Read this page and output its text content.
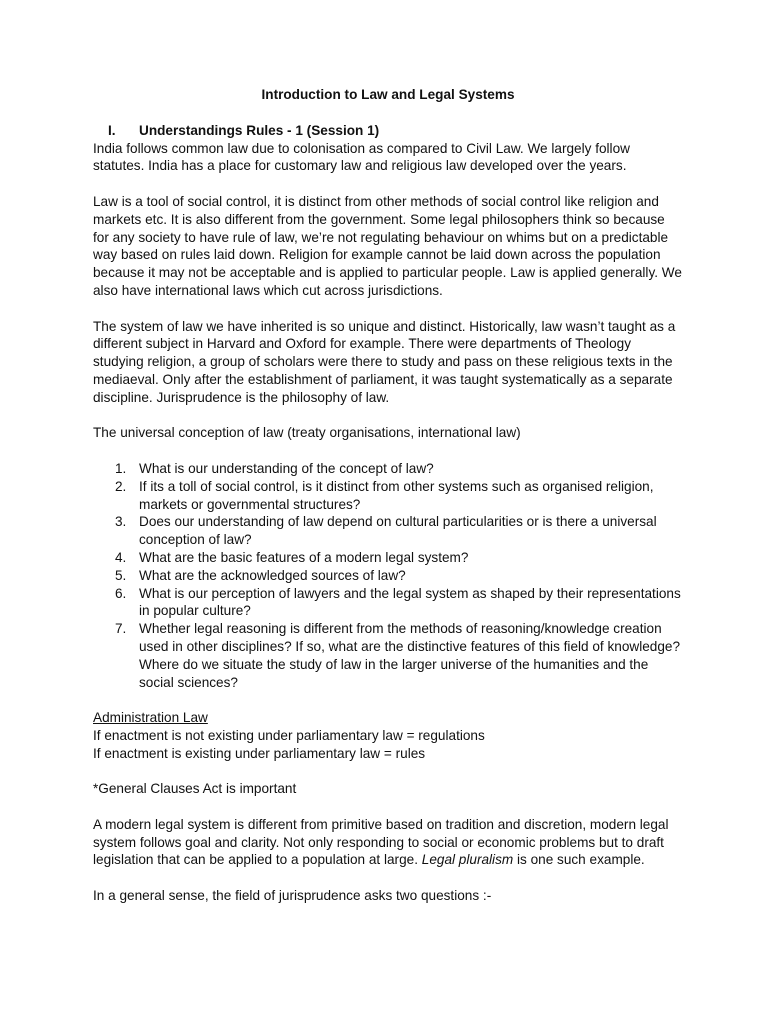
Introduction to Law and Legal Systems
I.	Understandings Rules - 1 (Session 1)

India follows common law due to colonisation as compared to Civil Law. We largely follow statutes. India has a place for customary law and religious law developed over the years.

Law is a tool of social control, it is distinct from other methods of social control like religion and markets etc. It is also different from the government. Some legal philosophers think so because for any society to have rule of law, we’re not regulating behaviour on whims but on a predictable way based on rules laid down. Religion for example cannot be laid down across the population because it may not be acceptable and is applied to particular people. Law is applied generally. We also have international laws which cut across jurisdictions.

The system of law we have inherited is so unique and distinct. Historically, law wasn’t taught as a different subject in Harvard and Oxford for example. There were departments of Theology studying religion, a group of scholars were there to study and pass on these religious texts in the mediaeval. Only after the establishment of parliament, it was taught systematically as a separate discipline. Jurisprudence is the philosophy of law.

The universal conception of law (treaty organisations, international law)

1. What is our understanding of the concept of law?
2. If its a toll of social control, is it distinct from other systems such as organised religion, markets or governmental structures?
3. Does our understanding of law depend on cultural particularities or is there a universal conception of law?
4. What are the basic features of a modern legal system?
5. What are the acknowledged sources of law?
6. What is our perception of lawyers and the legal system as shaped by their representations in popular culture?
7. Whether legal reasoning is different from the methods of reasoning/knowledge creation used in other disciplines? If so, what are the distinctive features of this field of knowledge? Where do we situate the study of law in the larger universe of the humanities and the social sciences?
Administration Law
If enactment is not existing under parliamentary law = regulations
If enactment is existing under parliamentary law = rules

*General Clauses Act is important

A modern legal system is different from primitive based on tradition and discretion, modern legal system follows goal and clarity. Not only responding to social or economic problems but to draft legislation that can be applied to a population at large. Legal pluralism is one such example.

In a general sense, the field of jurisprudence asks two questions :-
